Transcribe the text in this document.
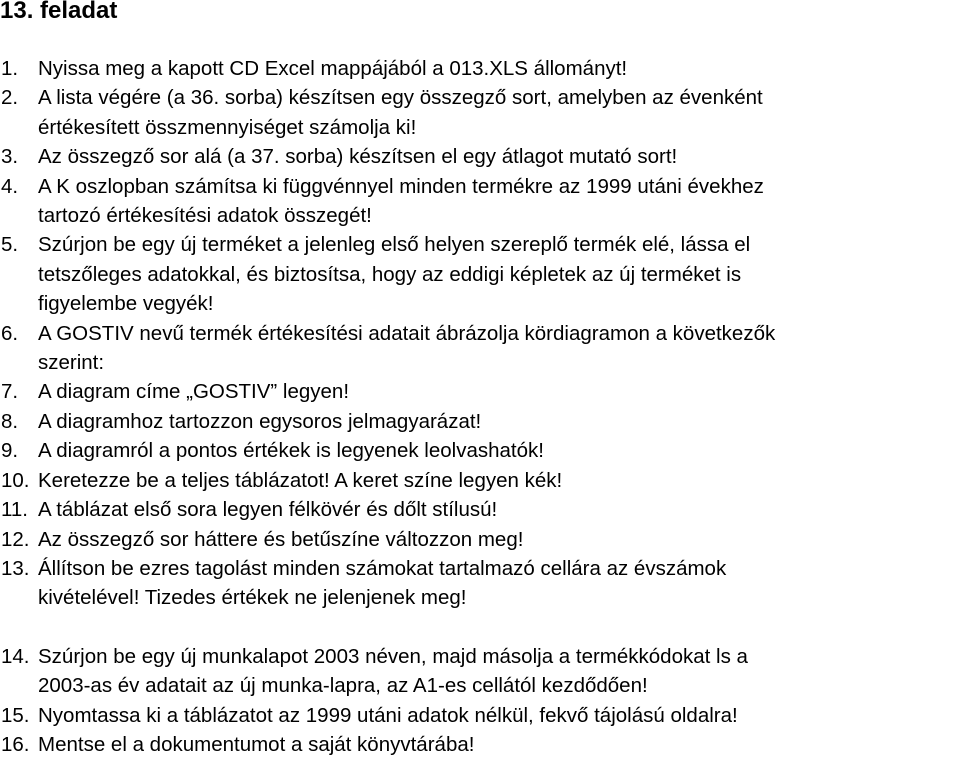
13. feladat
1. Nyissa meg a kapott CD Excel mappájából a 013.XLS állományt!
2. A lista végére (a 36. sorba) készítsen egy összegző sort, amelyben az évenként
értékesített összmennyiséget számolja ki!
3. Az összegző sor alá (a 37. sorba) készítsen el egy átlagot mutató sort!
4. A K oszlopban számítsa ki függvénnyel minden termékre az 1999 utáni évekhez
tartozó értékesítési adatok összegét!
5. Szúrjon be egy új terméket a jelenleg első helyen szereplő termék elé, lássa el
tetszőleges adatokkal, és biztosítsa, hogy az eddigi képletek az új terméket is
figyelembe vegyék!
6. A GOSTIV nevű termék értékesítési adatait ábrázolja kördiagramon a következők
szerint:
7. A diagram címe „GOSTIV” legyen!
8. A diagramhoz tartozzon egysoros jelmagyarázat!
9. A diagramról a pontos értékek is legyenek leolvashatók!
10. Keretezze be a teljes táblázatot! A keret színe legyen kék!
11. A táblázat első sora legyen félkövér és dőlt stílusú!
12. Az összegző sor háttere és betűszíne változzon meg!
13. Állítson be ezres tagolást minden számokat tartalmazó cellára az évszámok
kivételével! Tizedes értékek ne jelenjenek meg!
14. Szúrjon be egy új munkalapot 2003 néven, majd másolja a termékkódokat ls a
2003-as év adatait az új munka-lapra, az A1-es cellától kezdődően!
15. Nyomtassa ki a táblázatot az 1999 utáni adatok nélkül, fekvő tájolású oldalra!
16. Mentse el a dokumentumot a saját könyvtárába!
